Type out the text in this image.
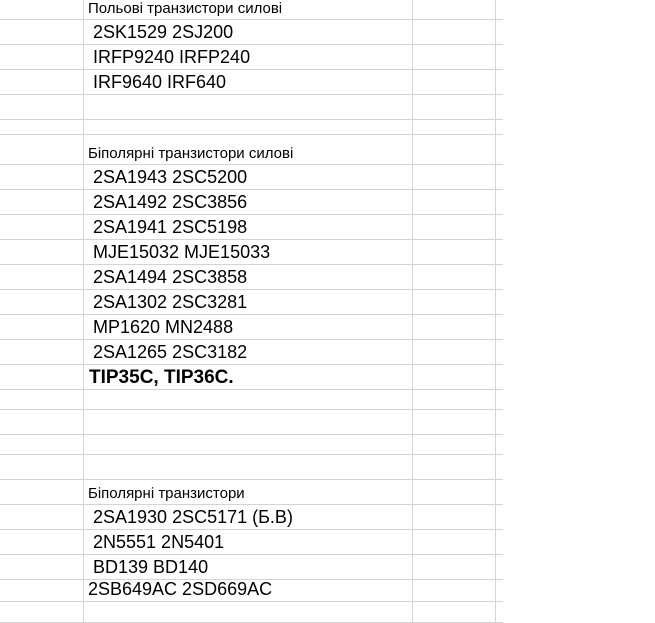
Польові транзистори силові
2SK1529 2SJ200
IRFP9240 IRFP240
IRF9640 IRF640
Біполярні транзистори силові
2SA1943 2SC5200
2SA1492 2SC3856
2SA1941 2SC5198
MJE15032 MJE15033
2SA1494 2SC3858
2SA1302 2SC3281
MP1620 MN2488
2SA1265 2SC3182
TIP35C, TIP36C.
Біполярні транзистори
2SA1930 2SC5171 (Б.В)
2N5551 2N5401
BD139 BD140
2SB649AC 2SD669AC
